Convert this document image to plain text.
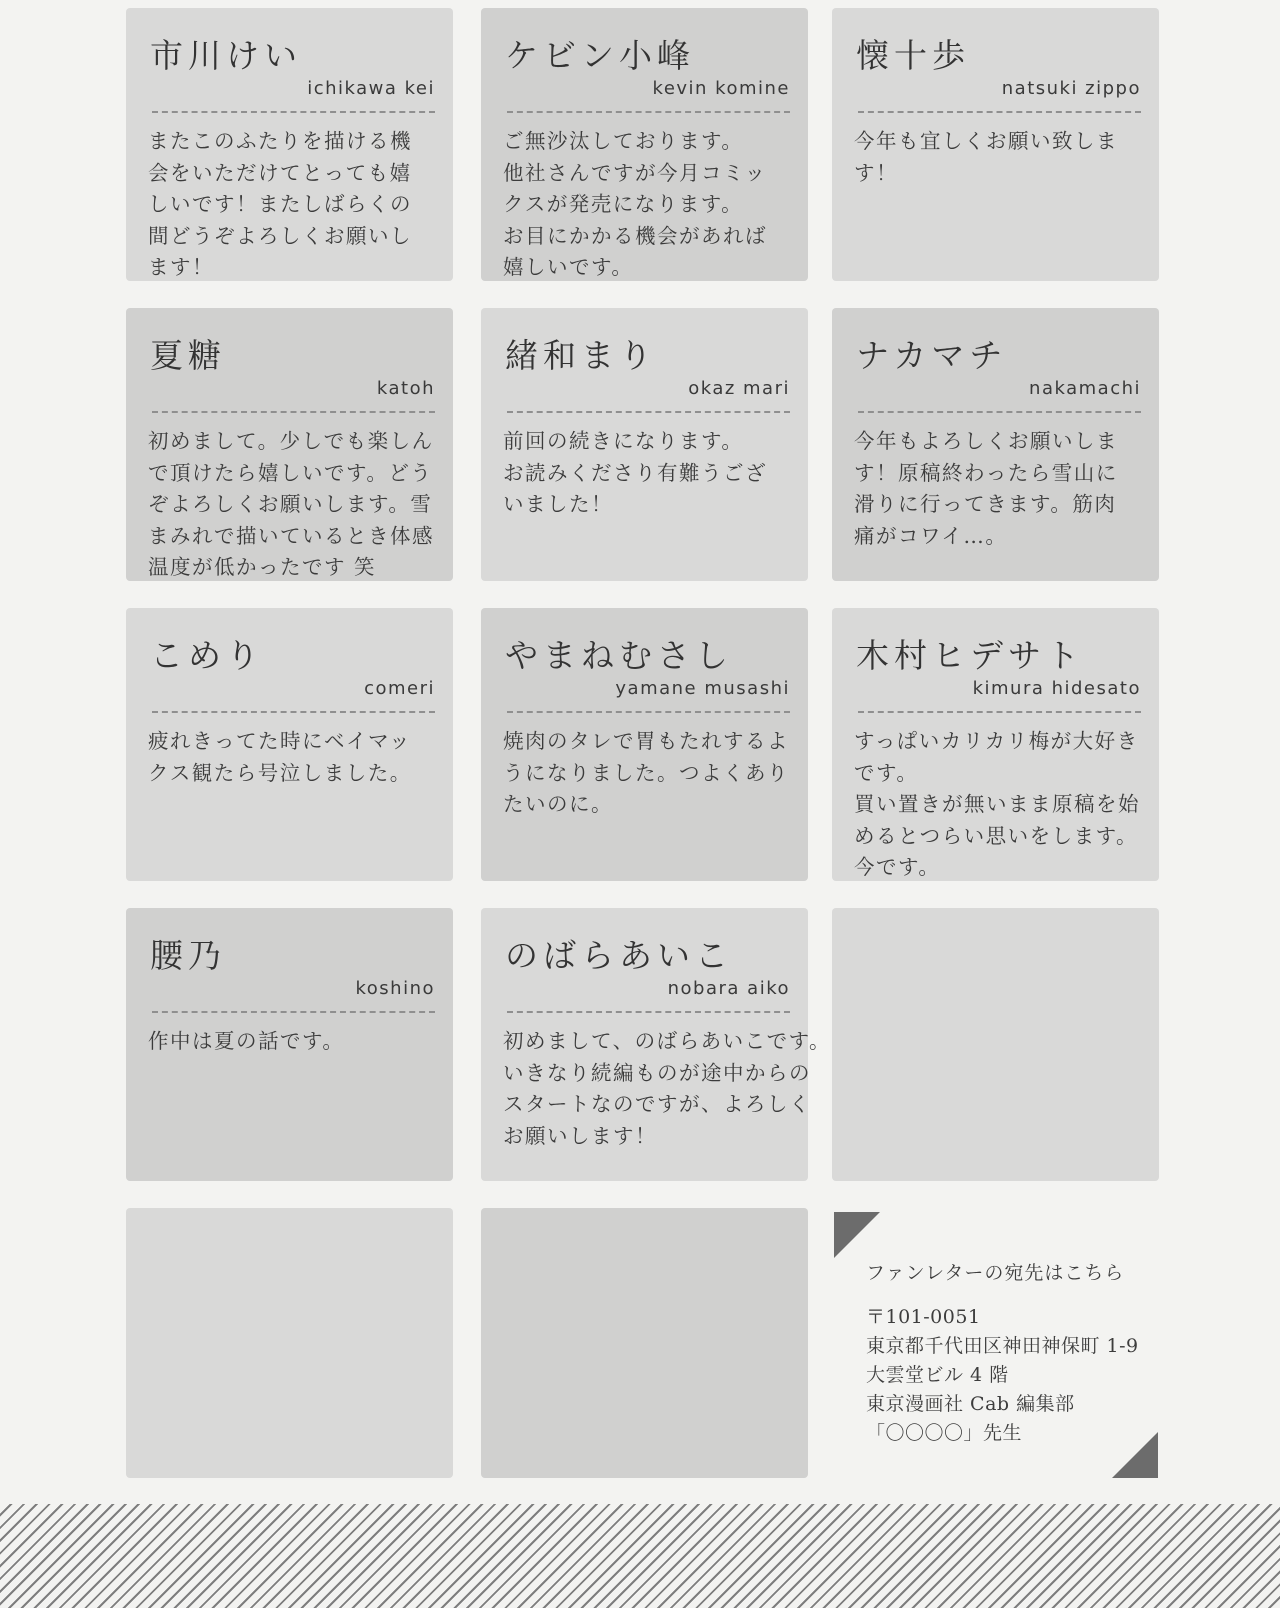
市川けい
ichikawa kei
またこのふたりを描ける機
会をいただけてとっても嬉
しいです！またしばらくの
間どうぞよろしくお願いし
ます！
ケビン小峰
kevin komine
ご無沙汰しております。
他社さんですが今月コミッ
クスが発売になります。
お目にかかる機会があれば
嬉しいです。
懐十歩
natsuki zippo
今年も宜しくお願い致しま
す！
夏糖
katoh
初めまして。少しでも楽しん
で頂けたら嬉しいです。どう
ぞよろしくお願いします。雪
まみれで描いているとき体感
温度が低かったです 笑
緒和まり
okaz mari
前回の続きになります。
お読みくださり有難うござ
いました！
ナカマチ
nakamachi
今年もよろしくお願いしま
す！原稿終わったら雪山に
滑りに行ってきます。筋肉
痛がコワイ…。
こめり
comeri
疲れきってた時にベイマッ
クス観たら号泣しました。
やまねむさし
yamane musashi
焼肉のタレで胃もたれするよ
うになりました。つよくあり
たいのに。
木村ヒデサト
kimura hidesato
すっぱいカリカリ梅が大好き
です。
買い置きが無いまま原稿を始
めるとつらい思いをします。
今です。
腰乃
koshino
作中は夏の話です。
のばらあいこ
nobara aiko
初めまして、のばらあいこです。
いきなり続編ものが途中からの
スタートなのですが、よろしく
お願いします！
ファンレターの宛先はこちら
〒101-0051
東京都千代田区神田神保町 1-9
大雲堂ビル 4 階
東京漫画社 Cab 編集部
「〇〇〇〇」先生
